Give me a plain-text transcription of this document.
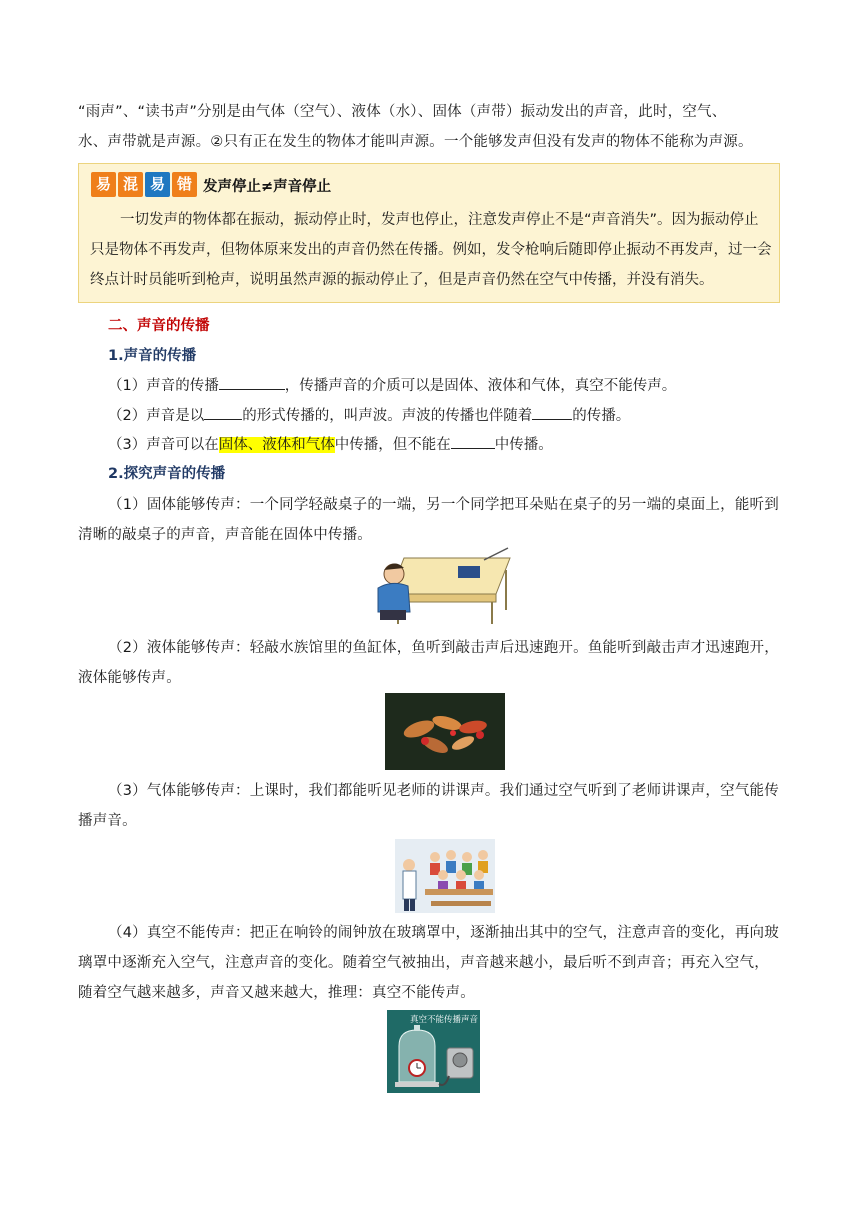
“雨声”、“读书声”分别是由气体（空气）、液体（水）、固体（声带）振动发出的声音，此时，空气、
水、声带就是声源。②只有正在发生的物体才能叫声源。一个能够发声但没有发声的物体不能称为声源。
易 混 易 错 发声停止≠声音停止
一切发声的物体都在振动，振动停止时，发声也停止，注意发声停止不是“声音消失”。因为振动停止只是物体不再发声，但物体原来发出的声音仍然在传播。例如，发令枪响后随即停止振动不再发声，过一会终点计时员能听到枪声，说明虽然声源的振动停止了，但是声音仍然在空气中传播，并没有消失。
二、声音的传播
1.声音的传播
（1）声音的传播	，传播声音的介质可以是固体、液体和气体，真空不能传声。
（2）声音是以	的形式传播的，叫声波。声波的传播也伴随着	的传播。
（3）声音可以在固体、液体和气体中传播，但不能在	中传播。
2.探究声音的传播
（1）固体能够传声：一个同学轻敲桌子的一端，另一个同学把耳朵贴在桌子的另一端的桌面上，能听到清晰的敲桌子的声音，声音能在固体中传播。
（2）液体能够传声：轻敲水族馆里的鱼缸体，鱼听到敲击声后迅速跑开。鱼能听到敲击声才迅速跑开，液体能够传声。
（3）气体能够传声：上课时，我们都能听见老师的讲课声。我们通过空气听到了老师讲课声，空气能传播声音。
（4）真空不能传声：把正在响铃的闹钟放在玻璃罩中，逐渐抽出其中的空气，注意声音的变化，再向玻璃罩中逐渐充入空气，注意声音的变化。随着空气被抽出，声音越来越小，最后听不到声音；再充入空气，随着空气越来越多，声音又越来越大，推理：真空不能传声。
真空不能传播声音
